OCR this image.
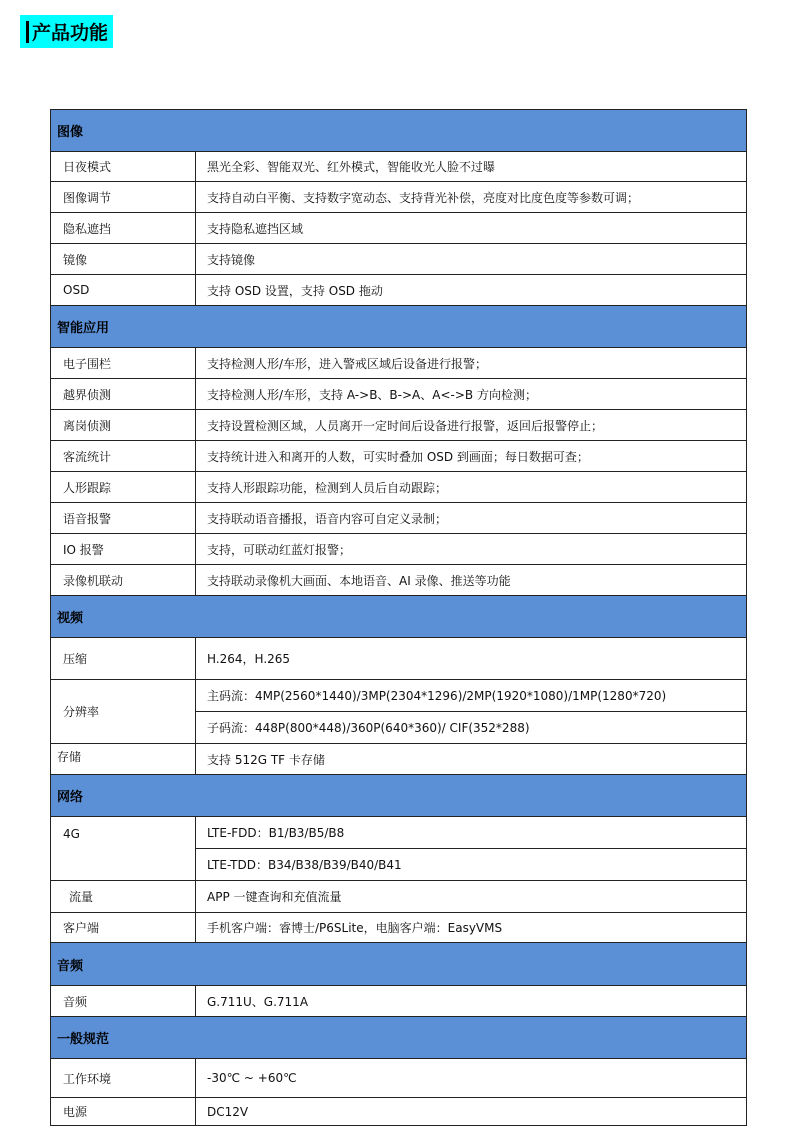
产品功能
图像	
日夜模式	黑光全彩、智能双光、红外模式，智能收光人脸不过曝
图像调节	支持自动白平衡、支持数字宽动态、支持背光补偿，亮度对比度色度等参数可调；
隐私遮挡	支持隐私遮挡区域
镜像	支持镜像
OSD	支持 OSD 设置，支持 OSD 拖动
智能应用	
电子围栏	支持检测人形/车形，进入警戒区域后设备进行报警；
越界侦测	支持检测人形/车形，支持 A->B、B->A、A<->B 方向检测；
离岗侦测	支持设置检测区域，人员离开一定时间后设备进行报警，返回后报警停止；
客流统计	支持统计进入和离开的人数，可实时叠加 OSD 到画面；每日数据可查；
人形跟踪	支持人形跟踪功能，检测到人员后自动跟踪；
语音报警	支持联动语音播报，语音内容可自定义录制；
IO 报警	支持，可联动红蓝灯报警；
录像机联动	支持联动录像机大画面、本地语音、AI 录像、推送等功能
视频	
压缩	H.264，H.265
分辨率	主码流：4MP(2560*1440)/3MP(2304*1296)/2MP(1920*1080)/1MP(1280*720)
	子码流：448P(800*448)/360P(640*360)/ CIF(352*288)
存储	支持 512G TF 卡存储
网络	
4G	LTE-FDD：B1/B3/B5/B8
	LTE-TDD：B34/B38/B39/B40/B41
流量	APP 一键查询和充值流量
客户端	手机客户端：睿博士/P6SLite，电脑客户端：EasyVMS
音频	
音频	G.711U、G.711A
一般规范	
工作环境	-30℃ ~ +60℃
电源	DC12V
